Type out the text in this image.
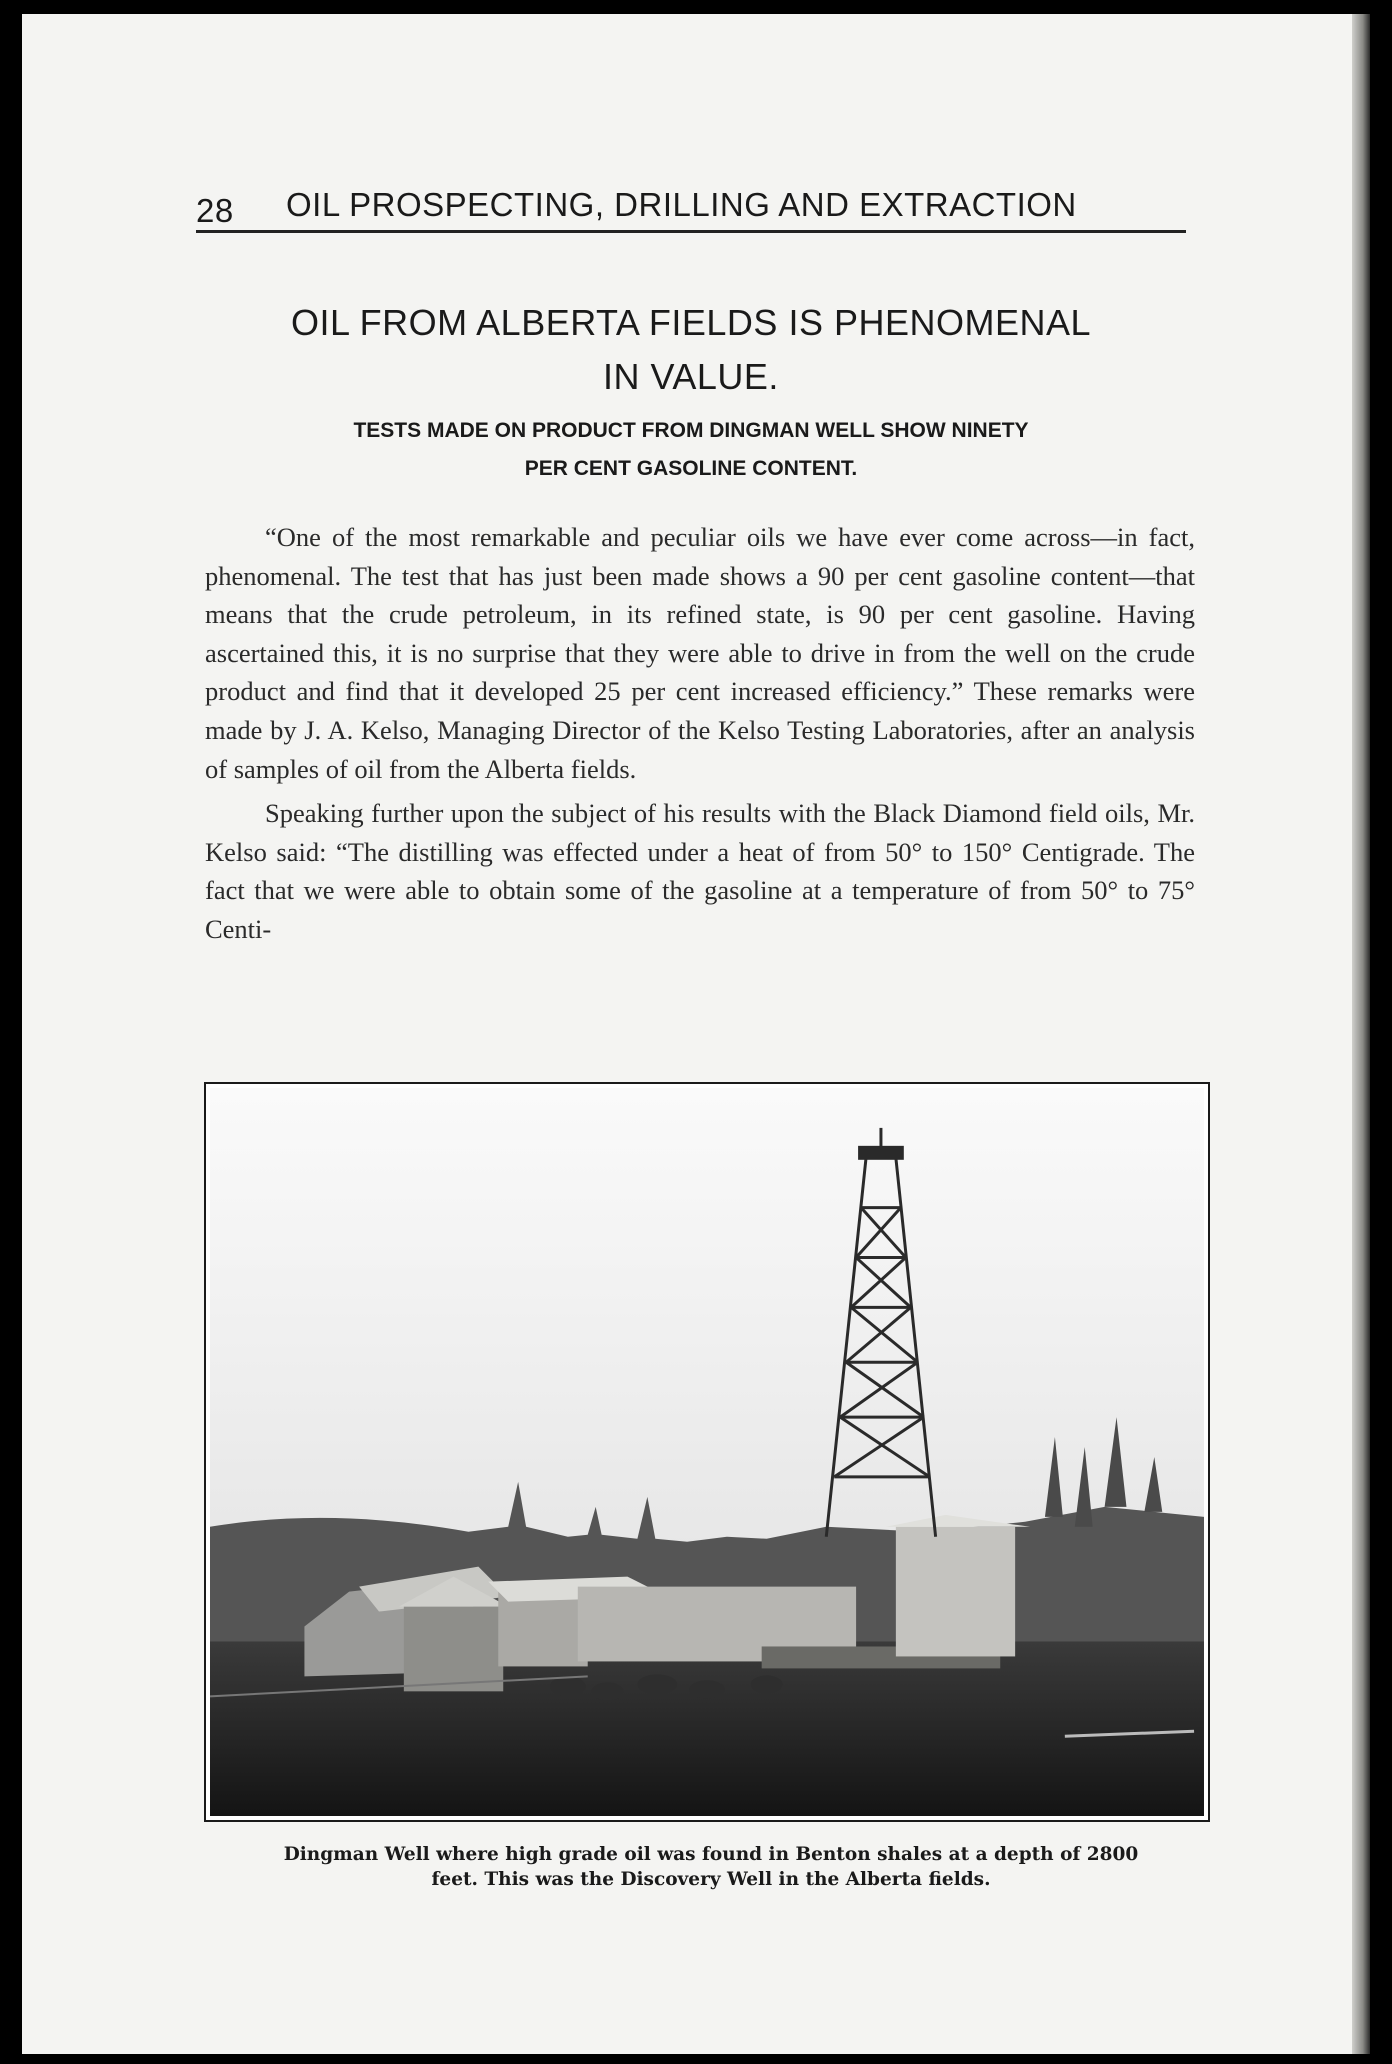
28 OIL PROSPECTING, DRILLING AND EXTRACTION
OIL FROM ALBERTA FIELDS IS PHENOMENAL
IN VALUE.
TESTS MADE ON PRODUCT FROM DINGMAN WELL SHOW NINETY
PER CENT GASOLINE CONTENT.

“One of the most remarkable and peculiar oils we have ever come across—in fact, phenomenal. The test that has just been made shows a 90 per cent gasoline content—that means that the crude petroleum, in its refined state, is 90 per cent gasoline. Having ascertained this, it is no surprise that they were able to drive in from the well on the crude product and find that it developed 25 per cent increased efficiency.” These remarks were made by J. A. Kelso, Managing Director of the Kelso Testing Laboratories, after an analysis of samples of oil from the Alberta fields.

Speaking further upon the subject of his results with the Black Diamond field oils, Mr. Kelso said: “The distilling was effected under a heat of from 50° to 150° Centigrade. The fact that we were able to obtain some of the gasoline at a temperature of from 50° to 75° Centi-

Dingman Well where high grade oil was found in Benton shales at a depth of 2800
feet. This was the Discovery Well in the Alberta fields.
